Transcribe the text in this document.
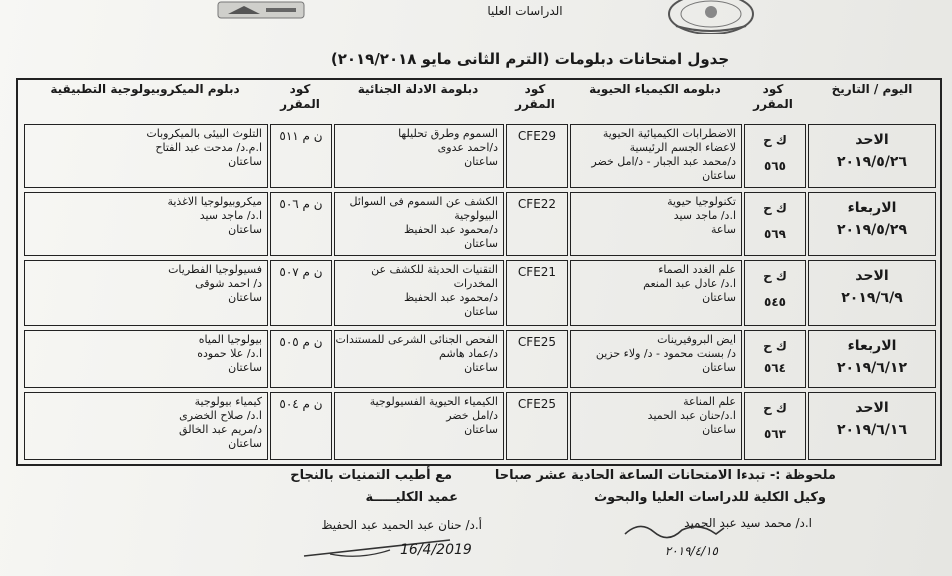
الدراسات العليا
جدول امتحانات دبلومات (الترم الثانى مايو ٢٠١٩/٢٠١٨)
اليوم / التاريخ
كود المقرر
دبلومه الكيمياء الحيوية
كود المقرر
دبلومة الادلة الجنائية
كود المقرر
دبلوم الميكروبيولوجية التطبيقية
الاحد
٢٠١٩/٥/٢٦
ك ح
٥٦٥
الاضطرابات الكيميائية الحيوية
لاعضاء الجسم الرئيسية
د/محمد عبد الجبار - د/امل خضر
ساعتان
CFE29
السموم وطرق تحليلها
د/احمد عدوى
ساعتان
ن م ٥١١
التلوث البيئى بالميكروبات
ا.م.د/ مدحت عبد الفتاح
ساعتان
الاربعاء
٢٠١٩/٥/٢٩
ك ح
٥٦٩
تكنولوجيا حيوية
ا.د/ ماجد سيد
ساعة
CFE22
الكشف عن السموم فى السوائل
البيولوجية
د/محمود عبد الحفيظ
ساعتان
ن م ٥٠٦
ميكروبيولوجيا الاغذية
ا.د/ ماجد سيد
ساعتان
الاحد
٢٠١٩/٦/٩
ك ح
٥٤٥
علم الغدد الصماء
ا.د/ عادل عبد المنعم
ساعتان
CFE21
التقنيات الحديثة للكشف عن
المخدرات
د/محمود عبد الحفيظ
ساعتان
ن م ٥٠٧
فسيولوجيا الفطريات
د/ احمد شوقى
ساعتان
الاربعاء
٢٠١٩/٦/١٢
ك ح
٥٦٤
ايض البروفيرينات
د/ بسنت محمود - د/ ولاء حزين
ساعتان
CFE25
الفحص الجنائى الشرعى للمستندات
د/عماد هاشم
ساعتان
ن م ٥٠٥
بيولوجيا المياه
ا.د/ علا حموده
ساعتان
الاحد
٢٠١٩/٦/١٦
ك ح
٥٦٣
علم المناعة
ا.د/حنان عبد الحميد
ساعتان
CFE25
الكيمياء الحيوية الفسيولوجية
د/امل خضر
ساعتان
ن م ٥٠٤
كيمياء بيولوجية
ا.د/ صلاح الخضرى
د/مريم عبد الخالق
ساعتان
ملحوظة :- تبدءا الامتحانات الساعة الحادية عشر صباحا
مع أطيب التمنيات بالنجاح
وكيل الكلية للدراسات العليا والبحوث
عميد الكليـــــة
ا.د/ محمد سيد عبد الحميد
أ.د/ حنان عبد الحميد عبد الحفيظ
٢٠١٩/٤/١٥
16/4/2019
